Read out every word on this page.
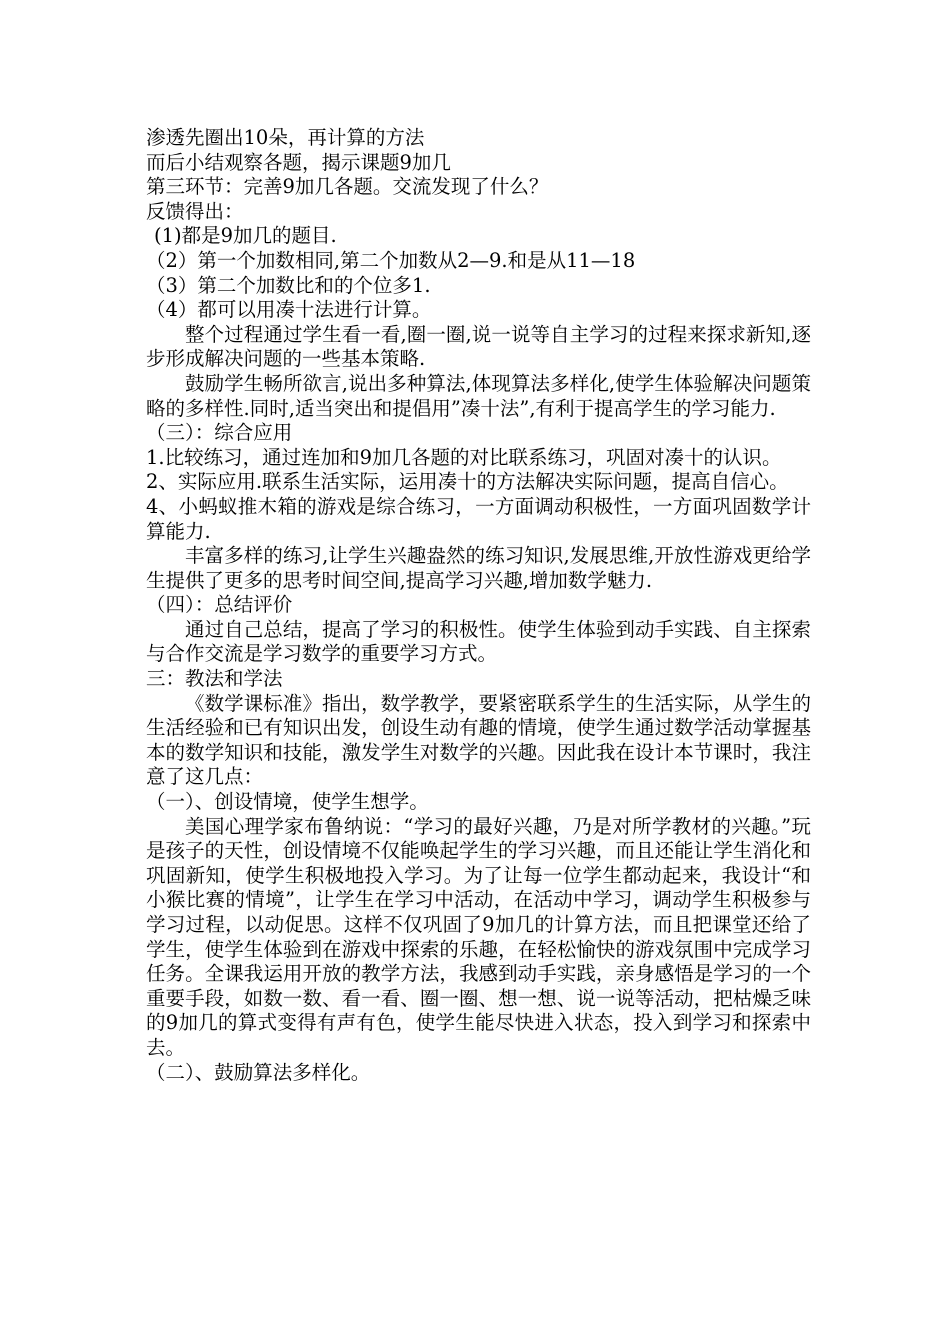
渗透先圈出10朵，再计算的方法
而后小结观察各题，揭示课题9加几
第三环节：完善9加几各题。交流发现了什么？
反馈得出：
(1)都是9加几的题目.
（2）第一个加数相同,第二个加数从2—9.和是从11—18
（3）第二个加数比和的个位多1.
（4）都可以用凑十法进行计算。

整个过程通过学生看一看,圈一圈,说一说等自主学习的过程来探求新知,逐步形成解决问题的一些基本策略.

鼓励学生畅所欲言,说出多种算法,体现算法多样化,使学生体验解决问题策略的多样性.同时,适当突出和提倡用”凑十法”,有利于提高学生的学习能力.

（三）：综合应用

1.比较练习，通过连加和9加几各题的对比联系练习，巩固对凑十的认识。

2、实际应用.联系生活实际，运用凑十的方法解决实际问题，提高自信心。

4、小蚂蚁推木箱的游戏是综合练习，一方面调动积极性，一方面巩固数学计算能力.

丰富多样的练习,让学生兴趣盎然的练习知识,发展思维,开放性游戏更给学生提供了更多的思考时间空间,提高学习兴趣,增加数学魅力.

（四）：总结评价

通过自己总结，提高了学习的积极性。使学生体验到动手实践、自主探索与合作交流是学习数学的重要学习方式。

三：教法和学法

《数学课标准》指出，数学教学，要紧密联系学生的生活实际，从学生的生活经验和已有知识出发，创设生动有趣的情境，使学生通过数学活动掌握基本的数学知识和技能，激发学生对数学的兴趣。因此我在设计本节课时，我注意了这几点：

（一）、创设情境，使学生想学。

美国心理学家布鲁纳说：“学习的最好兴趣，乃是对所学教材的兴趣。”玩是孩子的天性，创设情境不仅能唤起学生的学习兴趣，而且还能让学生消化和巩固新知，使学生积极地投入学习。为了让每一位学生都动起来，我设计“和小猴比赛的情境”，让学生在学习中活动，在活动中学习，调动学生积极参与学习过程，以动促思。这样不仅巩固了9加几的计算方法，而且把课堂还给了学生，使学生体验到在游戏中探索的乐趣，在轻松愉快的游戏氛围中完成学习任务。全课我运用开放的教学方法，我感到动手实践，亲身感悟是学习的一个重要手段，如数一数、看一看、圈一圈、想一想、说一说等活动，把枯燥乏味的9加几的算式变得有声有色，使学生能尽快进入状态，投入到学习和探索中去。

（二）、鼓励算法多样化。
